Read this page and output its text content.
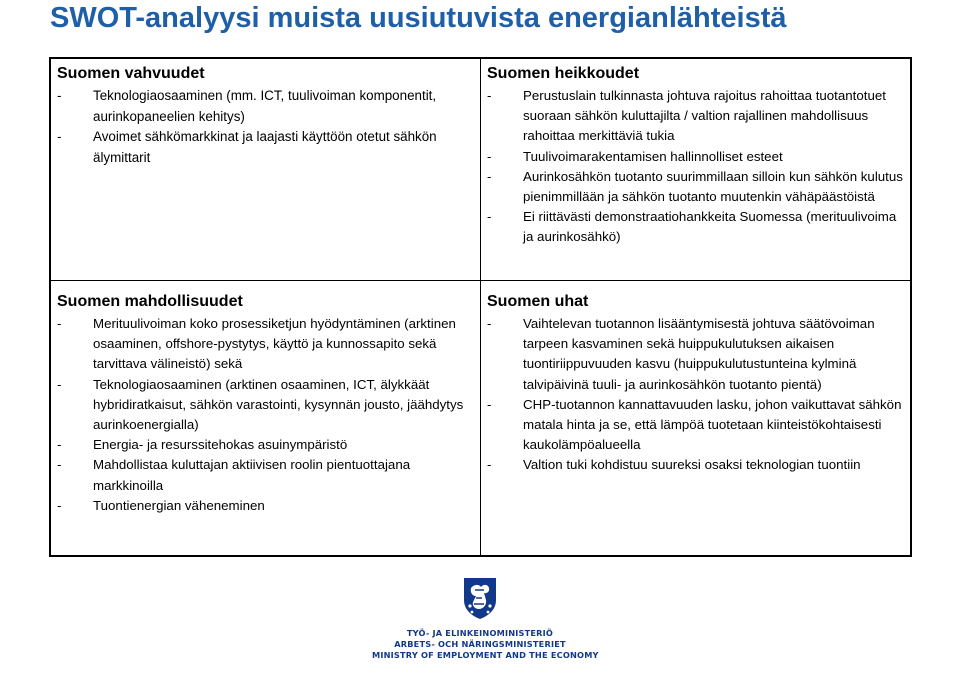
SWOT-analyysi muista uusiutuvista energianlähteistä
Suomen vahvuudet
- Teknologiaosaaminen (mm. ICT, tuulivoiman komponentit, aurinkopaneelien kehitys)
- Avoimet sähkömarkkinat ja laajasti käyttöön otetut sähkön älymittarit
Suomen heikkoudet
- Perustuslain tulkinnasta johtuva rajoitus rahoittaa tuotantotuet suoraan sähkön kuluttajilta / valtion rajallinen mahdollisuus rahoittaa merkittäviä tukia
- Tuulivoimarakentamisen hallinnolliset esteet
- Aurinkosähkön tuotanto suurimmillaan silloin kun sähkön kulutus pienimmillään ja sähkön tuotanto muutenkin vähäpäästöistä
- Ei riittävästi demonstraatiohankkeita Suomessa (merituulivoima ja aurinkosähkö)
Suomen mahdollisuudet
- Merituulivoiman koko prosessiketjun hyödyntäminen (arktinen osaaminen, offshore-pystytys, käyttö ja kunnossapito sekä tarvittava välineistö) sekä
- Teknologiaosaaminen (arktinen osaaminen, ICT, älykkäät hybridiratkaisut, sähkön varastointi, kysynnän jousto, jäähdytys aurinkoenergialla)
- Energia- ja resurssitehokas asuinympäristö
- Mahdollistaa kuluttajan aktiivisen roolin pientuottajana markkinoilla
- Tuontienergian väheneminen
Suomen uhat
- Vaihtelevan tuotannon lisääntymisestä johtuva säätövoiman tarpeen kasvaminen sekä huippukulutuksen aikaisen tuontiriippuvuuden kasvu (huippukulutustunteina kylminä talvipäivinä tuuli- ja aurinkosähkön tuotanto pientä)
- CHP-tuotannon kannattavuuden lasku, johon vaikuttavat sähkön matala hinta ja se, että lämpöä tuotetaan kiinteistökohtaisesti kaukolämpöalueella
- Valtion tuki kohdistuu suureksi osaksi teknologian tuontiin
TYÖ- JA ELINKEINOMINISTERIÖ
ARBETS- OCH NÄRINGSMINISTERIET
MINISTRY OF EMPLOYMENT AND THE ECONOMY
